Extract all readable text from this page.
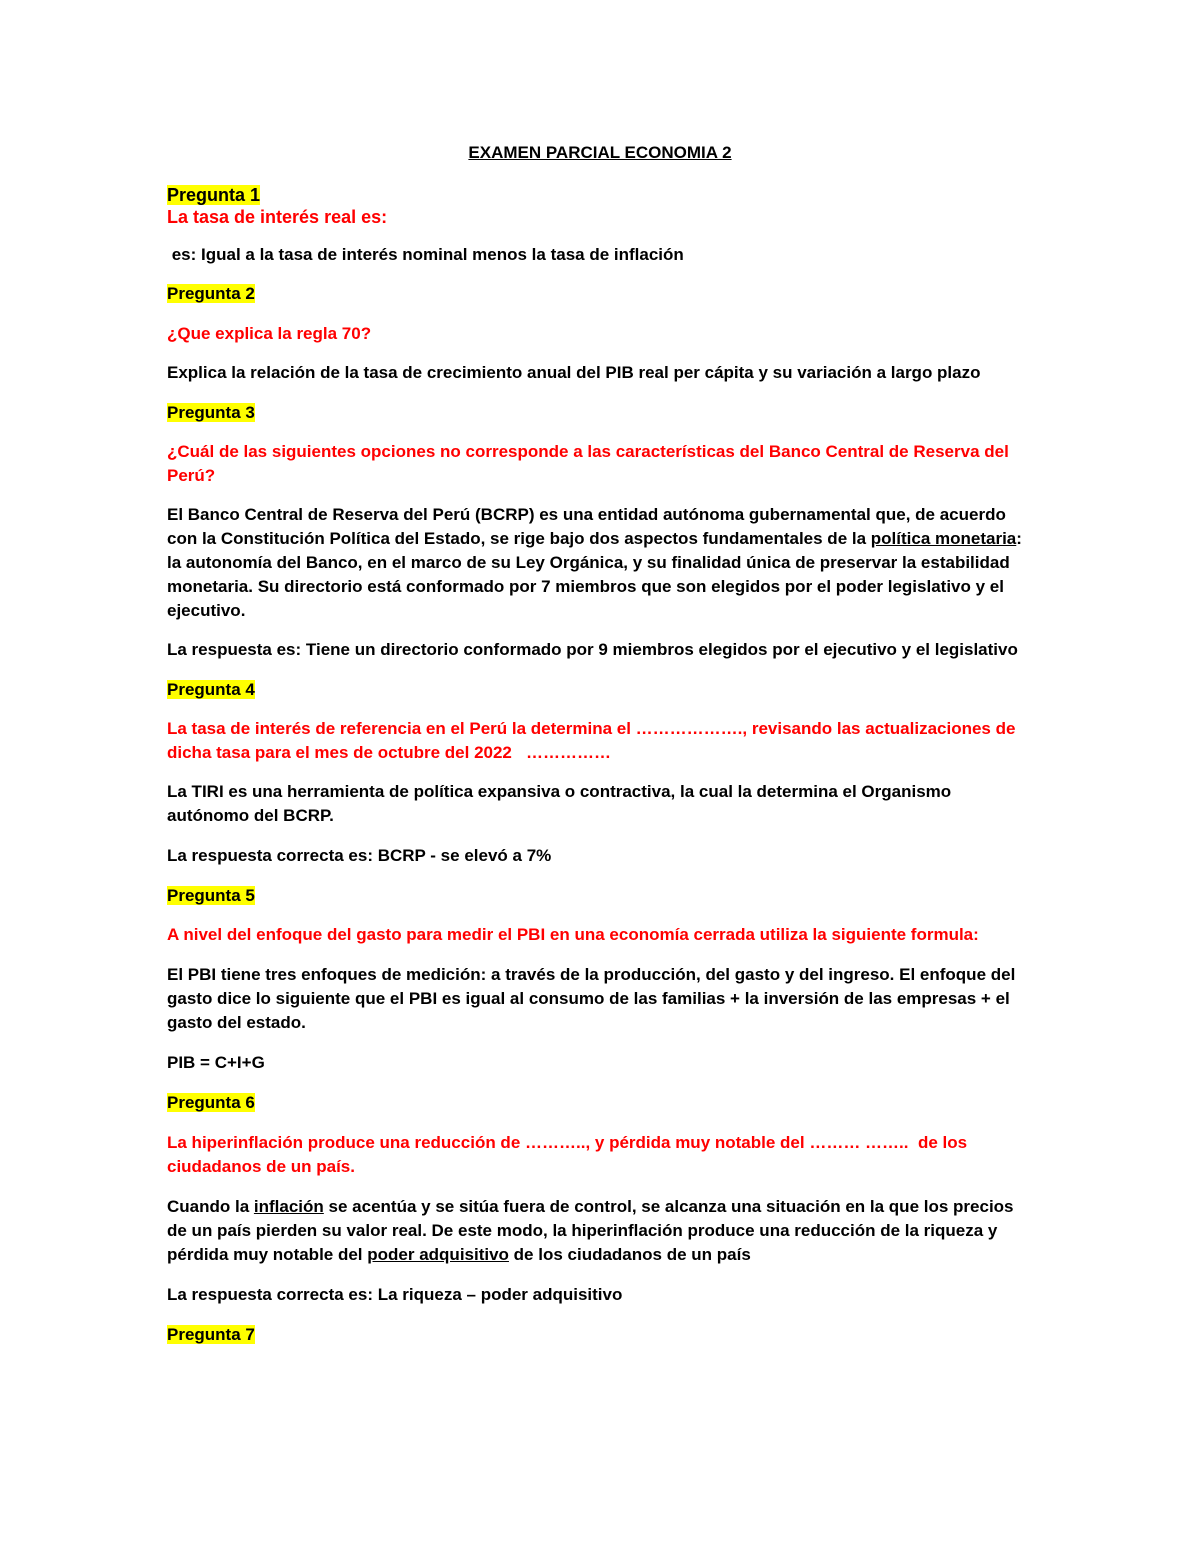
EXAMEN PARCIAL ECONOMIA 2

Pregunta 1

La tasa de interés real es:

es: Igual a la tasa de interés nominal menos la tasa de inflación

Pregunta 2

¿Que explica la regla 70?

Explica la relación de la tasa de crecimiento anual del PIB real per cápita y su variación a largo plazo

Pregunta 3

¿Cuál de las siguientes opciones no corresponde a las características del Banco Central de Reserva del Perú?

El Banco Central de Reserva del Perú (BCRP) es una entidad autónoma gubernamental que, de acuerdo con la Constitución Política del Estado, se rige bajo dos aspectos fundamentales de la política monetaria: la autonomía del Banco, en el marco de su Ley Orgánica, y su finalidad única de preservar la estabilidad monetaria. Su directorio está conformado por 7 miembros que son elegidos por el poder legislativo y el ejecutivo.

La respuesta es: Tiene un directorio conformado por 9 miembros elegidos por el ejecutivo y el legislativo

Pregunta 4

La tasa de interés de referencia en el Perú la determina el ………………., revisando las actualizaciones de dicha tasa para el mes de octubre del 2022   ……………

La TIRI es una herramienta de política expansiva o contractiva, la cual la determina el Organismo autónomo del BCRP.

La respuesta correcta es: BCRP - se elevó a 7%

Pregunta 5

A nivel del enfoque del gasto para medir el PBI en una economía cerrada utiliza la siguiente formula:

El PBI tiene tres enfoques de medición: a través de la producción, del gasto y del ingreso. El enfoque del gasto dice lo siguiente que el PBI es igual al consumo de las familias + la inversión de las empresas + el gasto del estado.

PIB = C+I+G

Pregunta 6

La hiperinflación produce una reducción de ……….., y pérdida muy notable del ……… ……..  de los ciudadanos de un país.

Cuando la inflación se acentúa y se sitúa fuera de control, se alcanza una situación en la que los precios de un país pierden su valor real. De este modo, la hiperinflación produce una reducción de la riqueza y pérdida muy notable del poder adquisitivo de los ciudadanos de un país

La respuesta correcta es: La riqueza – poder adquisitivo

Pregunta 7
